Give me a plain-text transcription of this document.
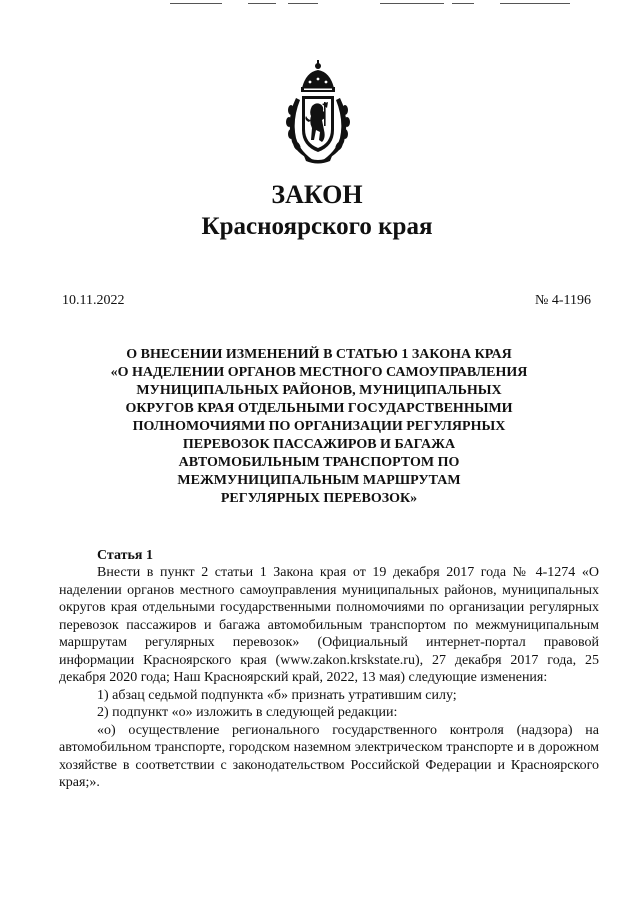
ЗАКОН
Красноярского края
10.11.2022	№ 4-1196
О ВНЕСЕНИИ ИЗМЕНЕНИЙ В СТАТЬЮ 1 ЗАКОНА КРАЯ
«О НАДЕЛЕНИИ ОРГАНОВ МЕСТНОГО САМОУПРАВЛЕНИЯ
МУНИЦИПАЛЬНЫХ РАЙОНОВ, МУНИЦИПАЛЬНЫХ
ОКРУГОВ КРАЯ ОТДЕЛЬНЫМИ ГОСУДАРСТВЕННЫМИ
ПОЛНОМОЧИЯМИ ПО ОРГАНИЗАЦИИ РЕГУЛЯРНЫХ
ПЕРЕВОЗОК ПАССАЖИРОВ И БАГАЖА
АВТОМОБИЛЬНЫМ ТРАНСПОРТОМ ПО
МЕЖМУНИЦИПАЛЬНЫМ МАРШРУТАМ
РЕГУЛЯРНЫХ ПЕРЕВОЗОК»
Статья 1

Внести в пункт 2 статьи 1 Закона края от 19 декабря 2017 года № 4-1274 «О наделении органов местного самоуправления муниципальных районов, муниципальных округов края отдельными государственными полномочиями по организации регулярных перевозок пассажиров и багажа автомобильным транспортом по межмуниципальным маршрутам регулярных перевозок» (Официальный интернет-портал правовой информации Красноярского края (www.zakon.krskstate.ru), 27 декабря 2017 года, 25 декабря 2020 года; Наш Красноярский край, 2022, 13 мая) следующие изменения:

1) абзац седьмой подпункта «б» признать утратившим силу;

2) подпункт «о» изложить в следующей редакции:

«о) осуществление регионального государственного контроля (надзора) на автомобильном транспорте, городском наземном электрическом транспорте и в дорожном хозяйстве в соответствии с законодательством Российской Федерации и Красноярского края;».
